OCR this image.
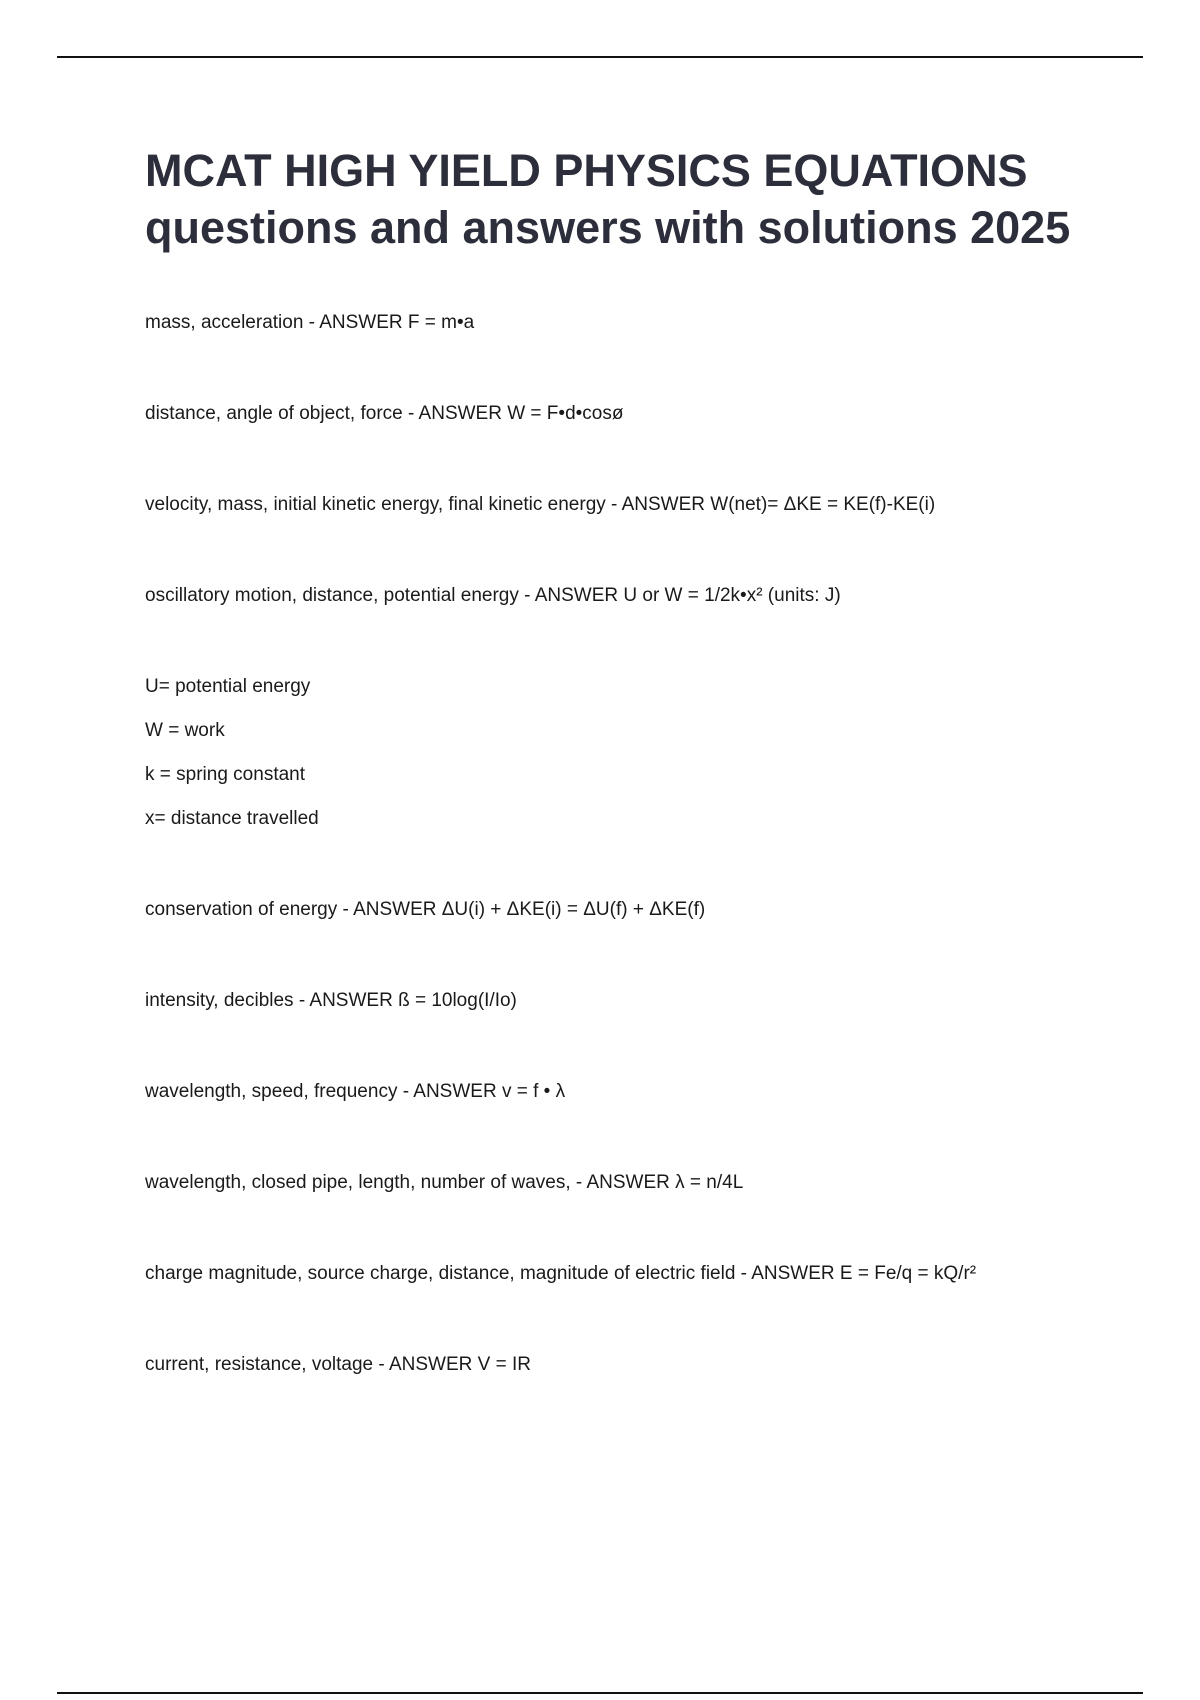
MCAT HIGH YIELD PHYSICS EQUATIONS questions and answers with solutions 2025
mass, acceleration - ANSWER F = m•a
distance, angle of object, force - ANSWER W = F•d•cosø
velocity, mass, initial kinetic energy, final kinetic energy - ANSWER W(net)= ΔKE = KE(f)-KE(i)
oscillatory motion, distance, potential energy - ANSWER U or W = 1/2k•x² (units: J)
U= potential energy
W = work
k = spring constant
x= distance travelled
conservation of energy - ANSWER ΔU(i) + ΔKE(i) = ΔU(f) + ΔKE(f)
intensity, decibles - ANSWER ß = 10log(I/Io)
wavelength, speed, frequency - ANSWER v = f • λ
wavelength, closed pipe, length, number of waves, - ANSWER λ = n/4L
charge magnitude, source charge, distance, magnitude of electric field - ANSWER E = Fe/q = kQ/r²
current, resistance, voltage - ANSWER V = IR
